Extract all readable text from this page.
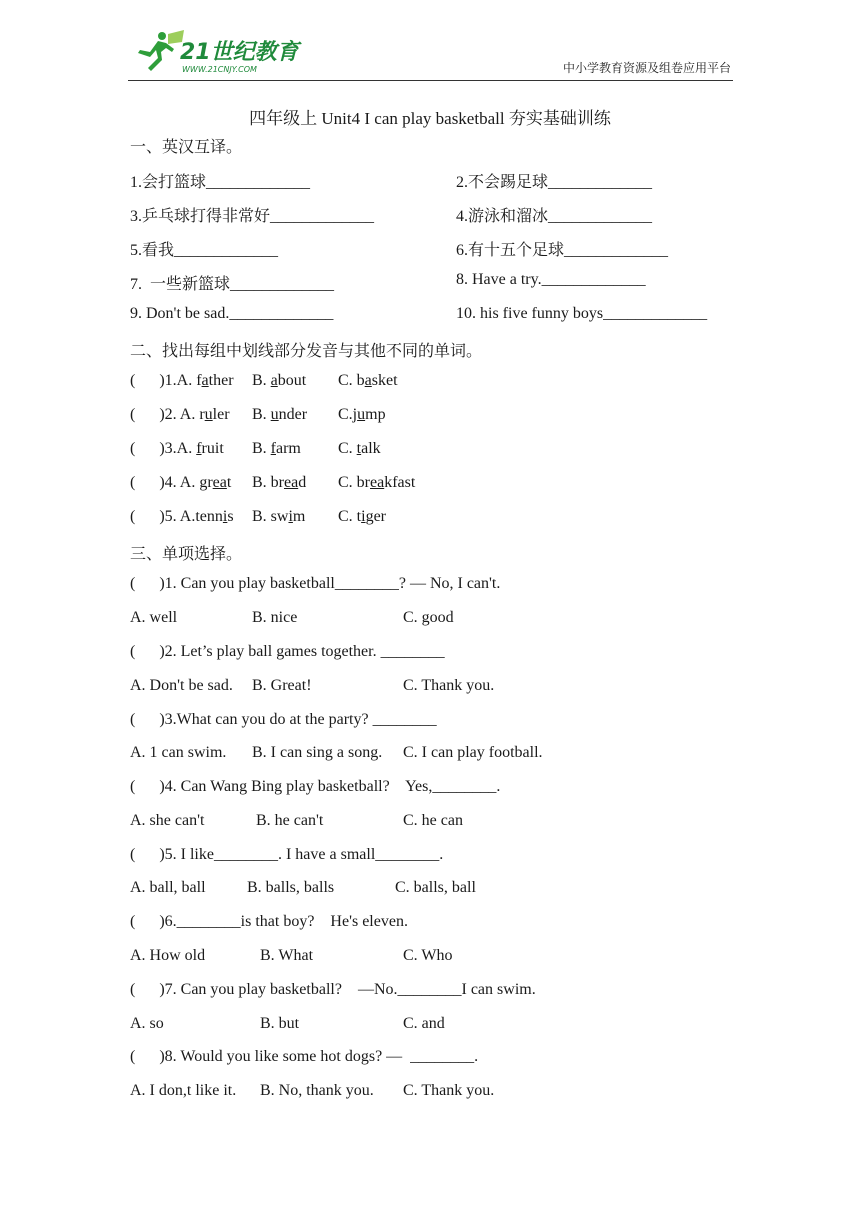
21世纪教育
WWW.21CNJY.COM	中小学教育资源及组卷应用平台
四年级上 Unit4 I can play basketball 夯实基础训练
一、英汉互译。
1.会打篮球_____________	2.不会踢足球_____________
3.乒乓球打得非常好_____________	4.游泳和溜冰_____________
5.看我_____________	6.有十五个足球_____________
7.  一些新篮球_____________	8. Have a try._____________
9. Don't be sad._____________	10. his five funny boys_____________
二、找出每组中划线部分发音与其他不同的单词。
(      )1.A. father B. about C. basket
(      )2. A. ruler B. under C.jump
(      )3.A. fruit B. farm C. talk
(      )4. A. great B. bread C. breakfast
(      )5. A.tennis B. swim C. tiger
三、单项选择。
(      )1. Can you play basketball________? — No, I can't.
A. well	B. nice	C. good
(      )2. Let’s play ball games together. ________
A. Don't be sad. B. Great!	C. Thank you.
(      )3.What can you do at the party? ________
A. 1 can swim. B. I can sing a song. C. I can play football.
(      )4. Can Wang Bing play basketball?    Yes,________.
A. she can't	B. he can't	C. he can
(      )5. I like________. I have a small________.
A. ball, ball	B. balls, balls	C. balls, ball
(      )6.________is that boy?    He's eleven.
A. How old	B. What	C. Who
(      )7. Can you play basketball?    —No.________I can swim.
A. so	B. but	C. and
(      )8. Would you like some hot dogs? —  ________.
A. I don,t like it. B. No, thank you. C. Thank you.
